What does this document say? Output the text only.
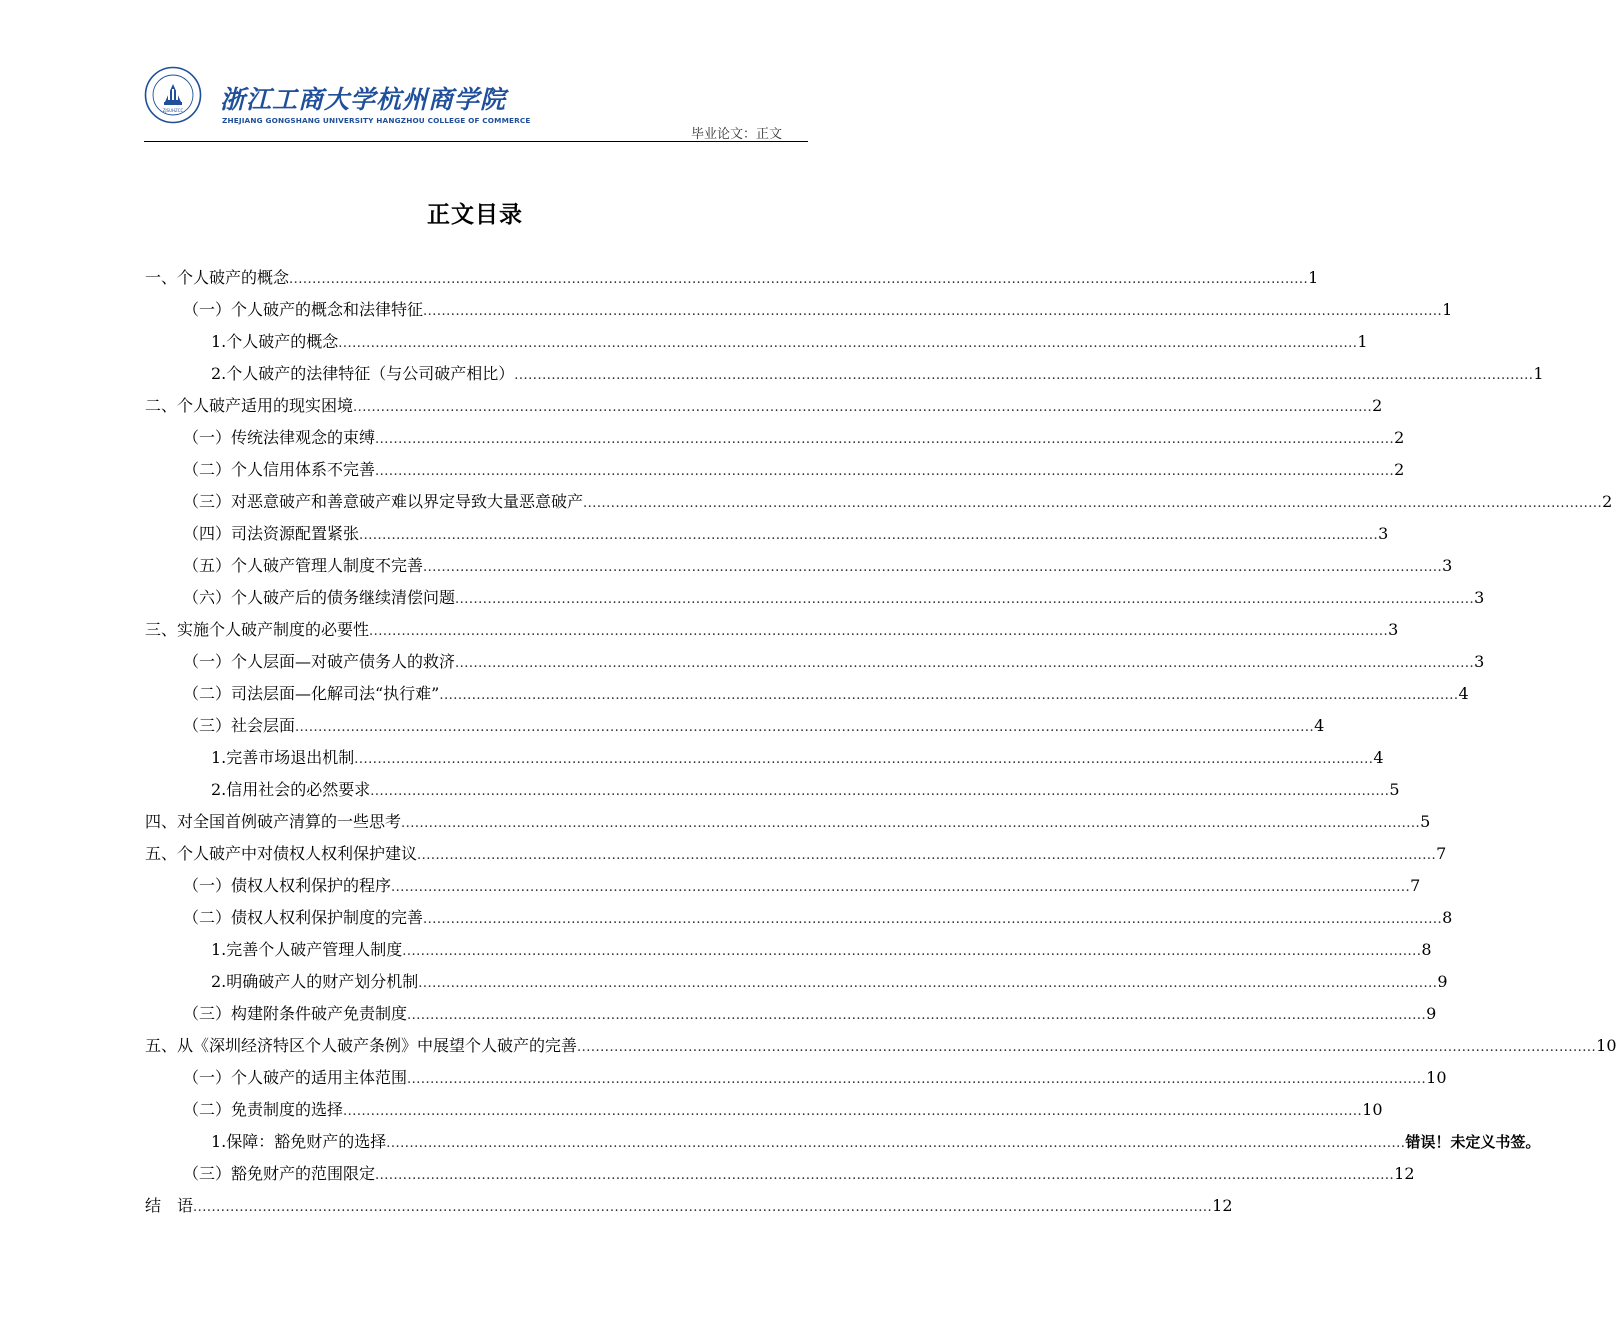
ZJSUHZCC 浙江工商大学杭州商学院
ZHEJIANG GONGSHANG UNIVERSITY HANGZHOU COLLEGE OF COMMERCE
毕业论文：正文
正文目录
一、个人破产的概念 ............................................................................................................................................................................................................................ 1
（一）个人破产的概念和法律特征 ............................................................................................................................................................................................................................ 1
1.个人破产的概念 ............................................................................................................................................................................................................................ 1
2.个人破产的法律特征（与公司破产相比） ............................................................................................................................................................................................................................ 1
二、个人破产适用的现实困境 ............................................................................................................................................................................................................................ 2
（一）传统法律观念的束缚 ............................................................................................................................................................................................................................ 2
（二）个人信用体系不完善 ............................................................................................................................................................................................................................ 2
（三）对恶意破产和善意破产难以界定导致大量恶意破产 ............................................................................................................................................................................................................................ 2
（四）司法资源配置紧张 ............................................................................................................................................................................................................................ 3
（五）个人破产管理人制度不完善 ............................................................................................................................................................................................................................ 3
（六）个人破产后的债务继续清偿问题 ............................................................................................................................................................................................................................ 3
三、实施个人破产制度的必要性 ............................................................................................................................................................................................................................ 3
（一）个人层面—对破产债务人的救济 ............................................................................................................................................................................................................................ 3
（二）司法层面—化解司法“执行难” ............................................................................................................................................................................................................................ 4
（三）社会层面 ............................................................................................................................................................................................................................ 4
1.完善市场退出机制 ............................................................................................................................................................................................................................ 4
2.信用社会的必然要求 ............................................................................................................................................................................................................................ 5
四、对全国首例破产清算的一些思考 ............................................................................................................................................................................................................................ 5
五、个人破产中对债权人权利保护建议 ............................................................................................................................................................................................................................ 7
（一）债权人权利保护的程序 ............................................................................................................................................................................................................................ 7
（二）债权人权利保护制度的完善 ............................................................................................................................................................................................................................ 8
1.完善个人破产管理人制度 ............................................................................................................................................................................................................................ 8
2.明确破产人的财产划分机制 ............................................................................................................................................................................................................................ 9
（三）构建附条件破产免责制度 ............................................................................................................................................................................................................................ 9
五、从《深圳经济特区个人破产条例》中展望个人破产的完善 ............................................................................................................................................................................................................................ 10
（一）个人破产的适用主体范围 ............................................................................................................................................................................................................................ 10
（二）免责制度的选择 ............................................................................................................................................................................................................................ 10
1.保障：豁免财产的选择 ............................................................................................................................................................................................................................ 错误！未定义书签。
（三）豁免财产的范围限定 ............................................................................................................................................................................................................................ 12
结　语 ............................................................................................................................................................................................................................ 12
